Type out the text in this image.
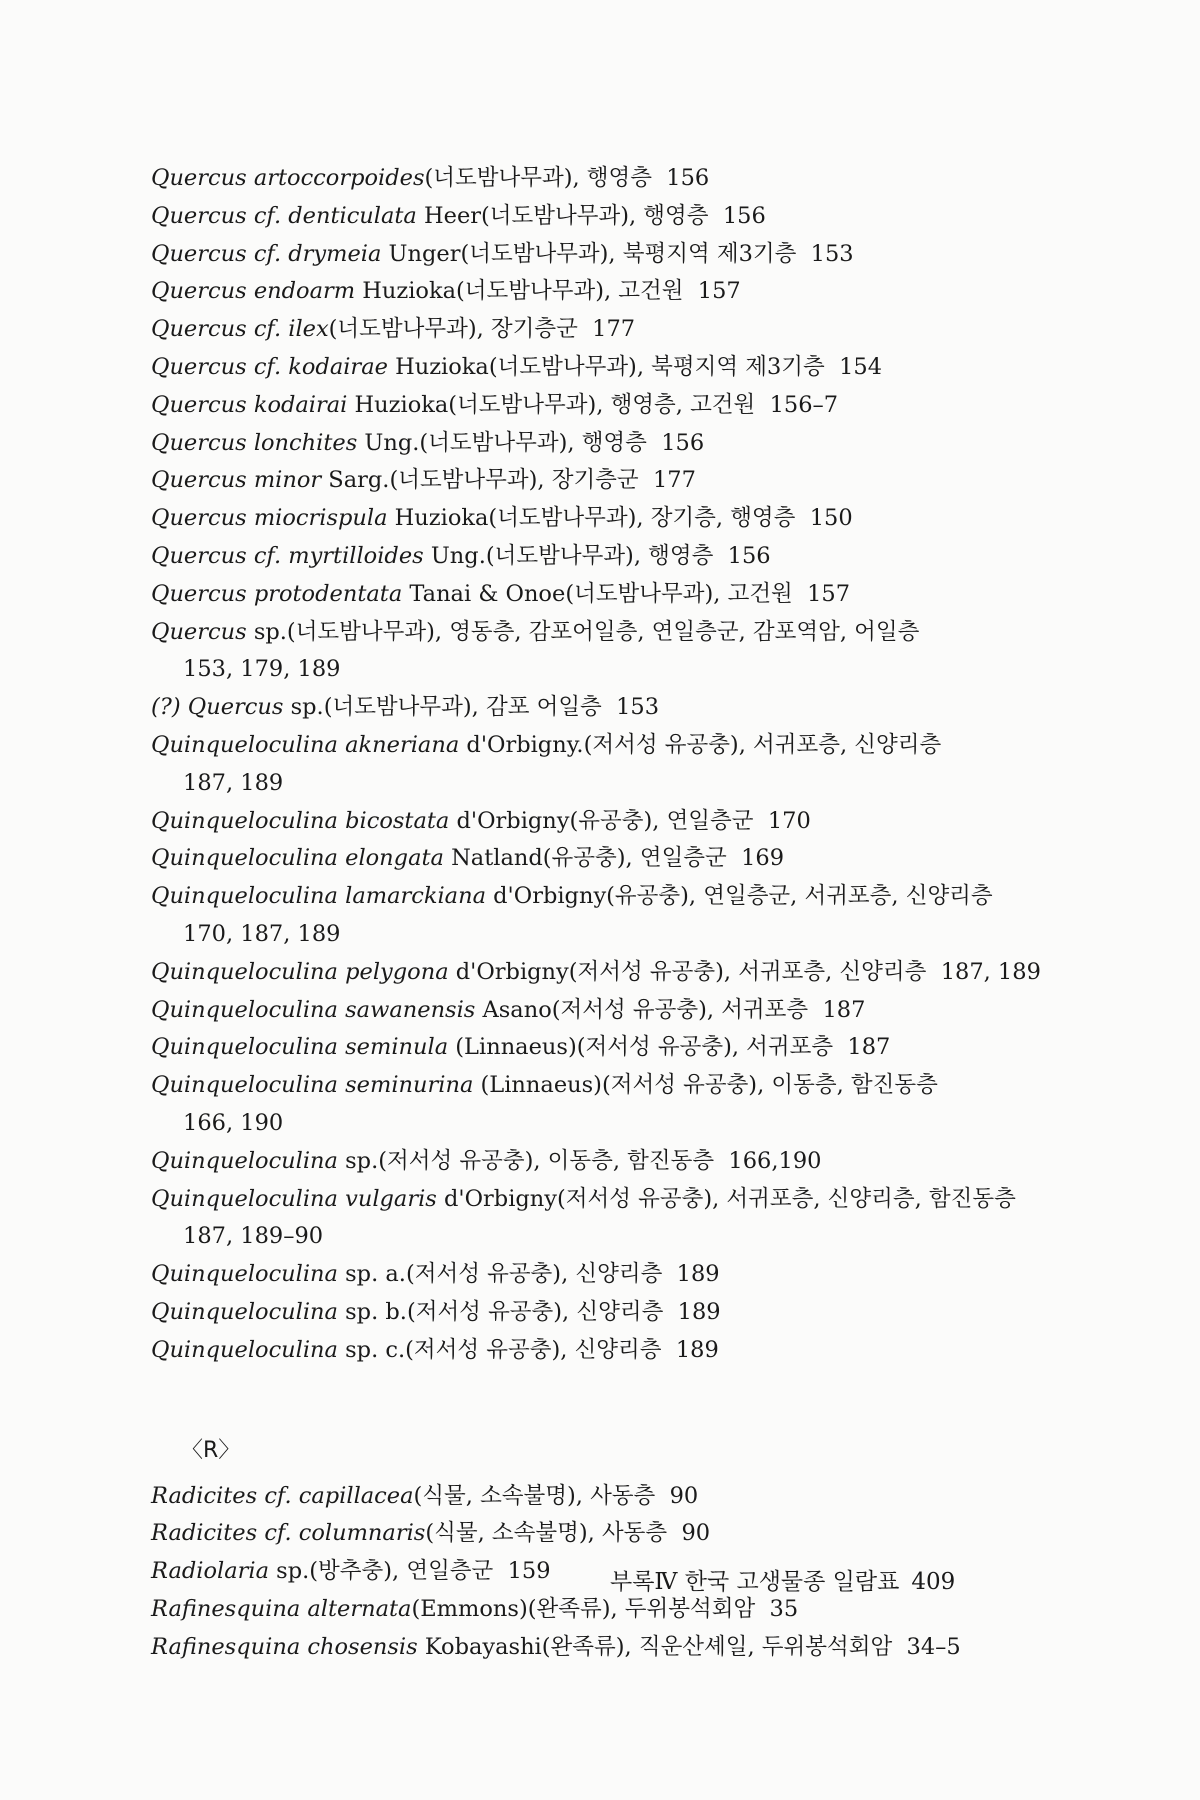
Quercus artoccorpoides(너도밤나무과), 행영층 156
Quercus cf. denticulata Heer(너도밤나무과), 행영층 156
Quercus cf. drymeia Unger(너도밤나무과), 북평지역 제3기층 153
Quercus endoarm Huzioka(너도밤나무과), 고건원 157
Quercus cf. ilex(너도밤나무과), 장기층군 177
Quercus cf. kodairae Huzioka(너도밤나무과), 북평지역 제3기층 154
Quercus kodairai Huzioka(너도밤나무과), 행영층, 고건원 156–7
Quercus lonchites Ung.(너도밤나무과), 행영층 156
Quercus minor Sarg.(너도밤나무과), 장기층군 177
Quercus miocrispula Huzioka(너도밤나무과), 장기층, 행영층 150
Quercus cf. myrtilloides Ung.(너도밤나무과), 행영층 156
Quercus protodentata Tanai & Onoe(너도밤나무과), 고건원 157
Quercus sp.(너도밤나무과), 영동층, 감포어일층, 연일층군, 감포역암, 어일층
153, 179, 189
(?) Quercus sp.(너도밤나무과), 감포 어일층 153
Quinqueloculina akneriana d'Orbigny.(저서성 유공충), 서귀포층, 신양리층
187, 189
Quinqueloculina bicostata d'Orbigny(유공충), 연일층군 170
Quinqueloculina elongata Natland(유공충), 연일층군 169
Quinqueloculina lamarckiana d'Orbigny(유공충), 연일층군, 서귀포층, 신양리층
170, 187, 189
Quinqueloculina pelygona d'Orbigny(저서성 유공충), 서귀포층, 신양리층 187, 189
Quinqueloculina sawanensis Asano(저서성 유공충), 서귀포층 187
Quinqueloculina seminula (Linnaeus)(저서성 유공충), 서귀포층 187
Quinqueloculina seminurina (Linnaeus)(저서성 유공충), 이동층, 함진동층
166, 190
Quinqueloculina sp.(저서성 유공충), 이동층, 함진동층 166,190
Quinqueloculina vulgaris d'Orbigny(저서성 유공충), 서귀포층, 신양리층, 함진동층
187, 189–90
Quinqueloculina sp. a.(저서성 유공충), 신양리층 189
Quinqueloculina sp. b.(저서성 유공충), 신양리층 189
Quinqueloculina sp. c.(저서성 유공충), 신양리층 189
〈R〉
Radicites cf. capillacea(식물, 소속불명), 사동층 90
Radicites cf. columnaris(식물, 소속불명), 사동층 90
Radiolaria sp.(방추충), 연일층군 159
Rafinesquina alternata(Emmons)(완족류), 두위봉석회암 35
Rafinesquina chosensis Kobayashi(완족류), 직운산셰일, 두위봉석회암 34–5
부록Ⅳ 한국 고생물종 일람표 409
